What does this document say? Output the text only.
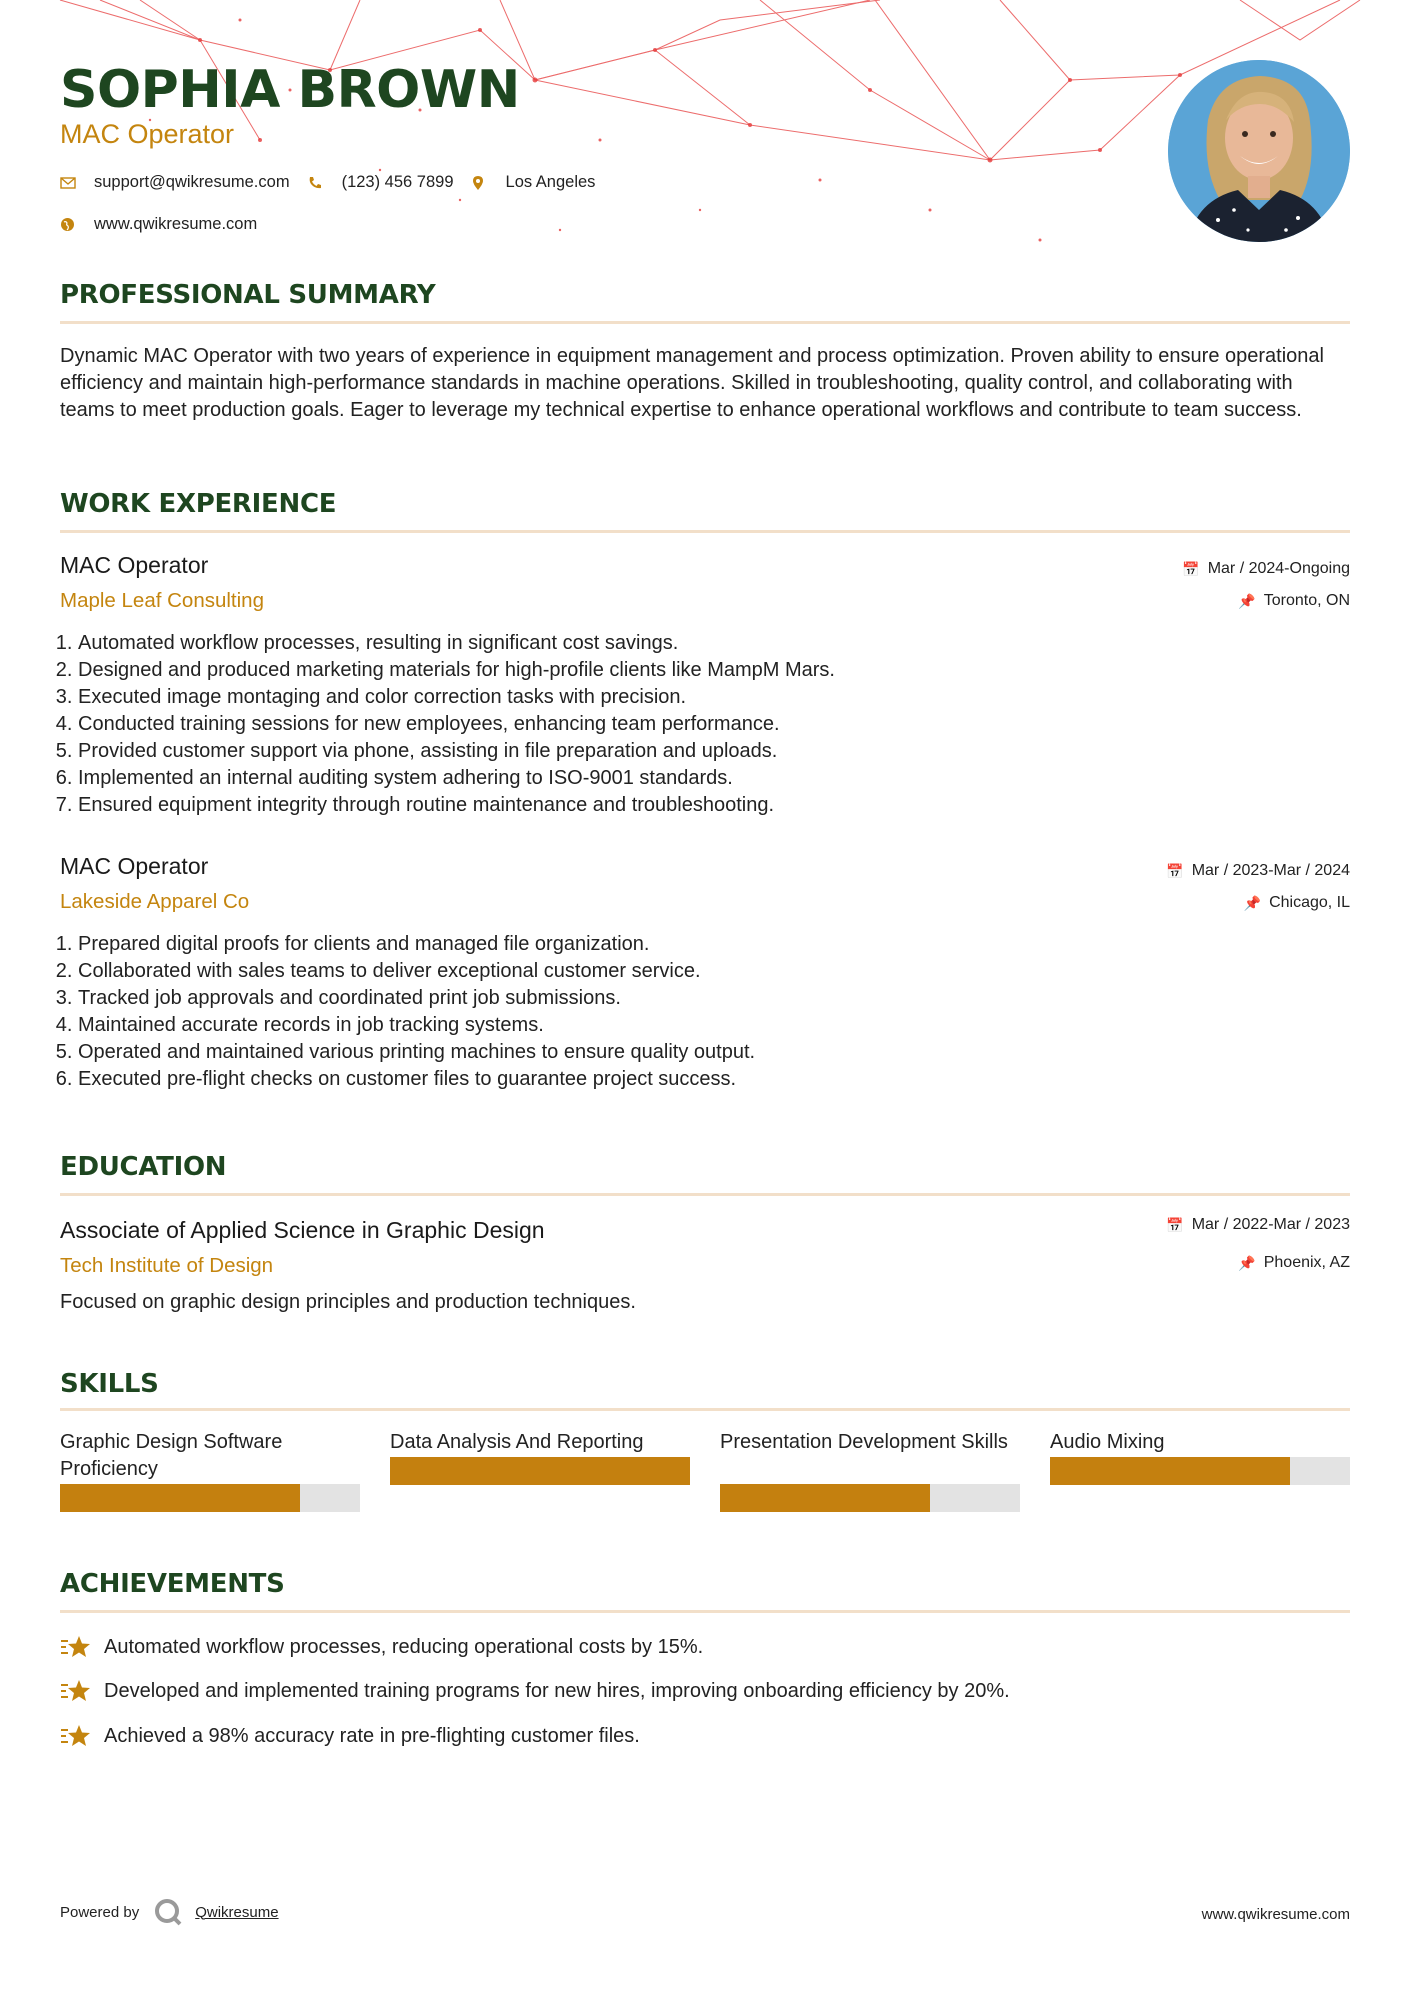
SOPHIA BROWN
MAC Operator
support@qwikresume.com	(123) 456 7899	Los Angeles
www.qwikresume.com
PROFESSIONAL SUMMARY

Dynamic MAC Operator with two years of experience in equipment management and process optimization. Proven ability to ensure operational efficiency and maintain high-performance standards in machine operations. Skilled in troubleshooting, quality control, and collaborating with teams to meet production goals. Eager to leverage my technical expertise to enhance operational workflows and contribute to team success.

WORK EXPERIENCE
MAC Operator
Maple Leaf Consulting
📅 Mar / 2024-Ongoing
📌 Toronto, ON
1. Automated workflow processes, resulting in significant cost savings.
2. Designed and produced marketing materials for high-profile clients like MampM Mars.
3. Executed image montaging and color correction tasks with precision.
4. Conducted training sessions for new employees, enhancing team performance.
5. Provided customer support via phone, assisting in file preparation and uploads.
6. Implemented an internal auditing system adhering to ISO-9001 standards.
7. Ensured equipment integrity through routine maintenance and troubleshooting.
MAC Operator
Lakeside Apparel Co
📅 Mar / 2023-Mar / 2024
📌 Chicago, IL
1. Prepared digital proofs for clients and managed file organization.
2. Collaborated with sales teams to deliver exceptional customer service.
3. Tracked job approvals and coordinated print job submissions.
4. Maintained accurate records in job tracking systems.
5. Operated and maintained various printing machines to ensure quality output.
6. Executed pre-flight checks on customer files to guarantee project success.
EDUCATION
Associate of Applied Science in Graphic Design
Tech Institute of Design
📅 Mar / 2022-Mar / 2023
📌 Phoenix, AZ
Focused on graphic design principles and production techniques.
SKILLS
Graphic Design Software Proficiency
Data Analysis And Reporting	Presentation Development Skills	Audio Mixing
ACHIEVEMENTS
Automated workflow processes, reducing operational costs by 15%.
Developed and implemented training programs for new hires, improving onboarding efficiency by 20%.
Achieved a 98% accuracy rate in pre-flighting customer files.
Powered by	Qwikresume	www.qwikresume.com
